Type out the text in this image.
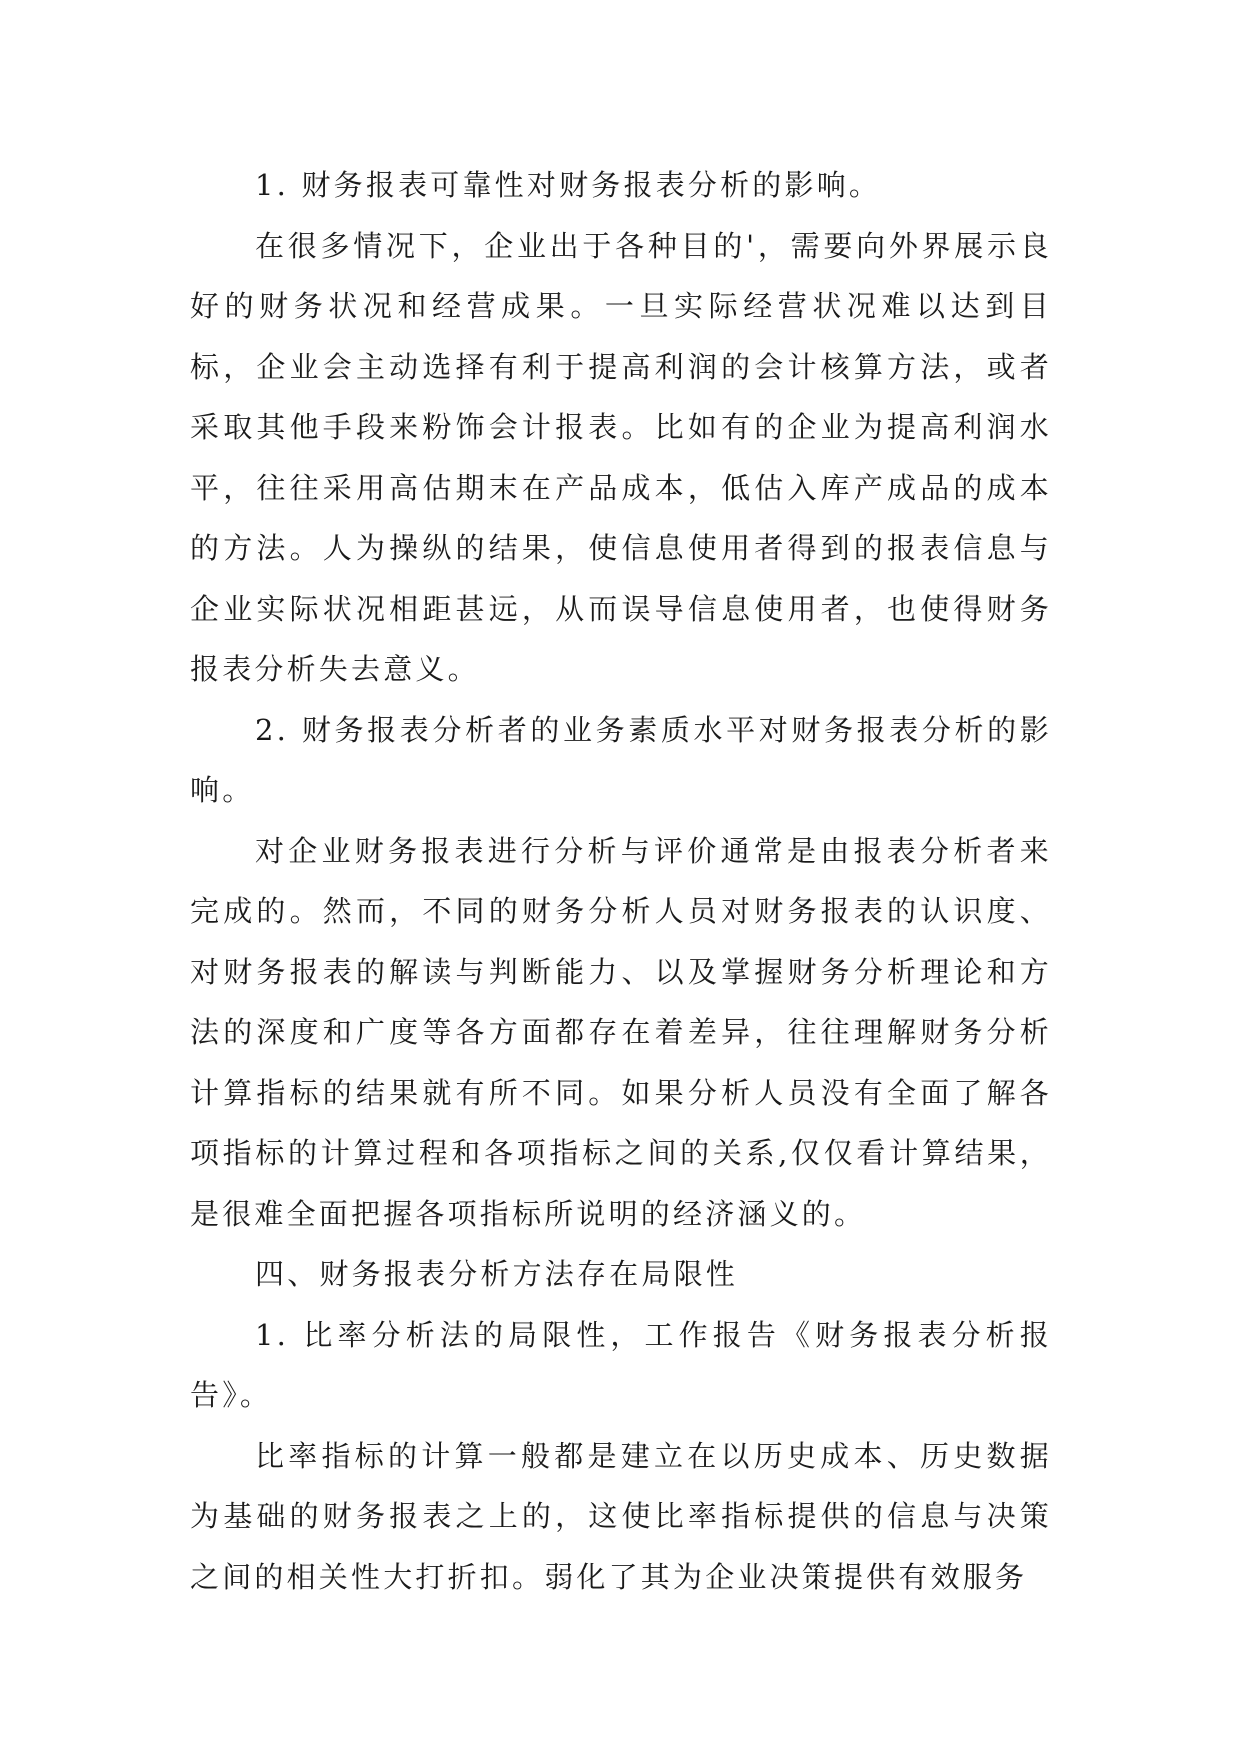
1. 财务报表可靠性对财务报表分析的影响。

在很多情况下，企业出于各种目的'，需要向外界展示良好的财务状况和经营成果。一旦实际经营状况难以达到目标，企业会主动选择有利于提高利润的会计核算方法，或者采取其他手段来粉饰会计报表。比如有的企业为提高利润水平，往往采用高估期末在产品成本，低估入库产成品的成本的方法。人为操纵的结果，使信息使用者得到的报表信息与企业实际状况相距甚远，从而误导信息使用者，也使得财务报表分析失去意义。

2. 财务报表分析者的业务素质水平对财务报表分析的影响。

对企业财务报表进行分析与评价通常是由报表分析者来完成的。然而，不同的财务分析人员对财务报表的认识度、对财务报表的解读与判断能力、以及掌握财务分析理论和方法的深度和广度等各方面都存在着差异，往往理解财务分析计算指标的结果就有所不同。如果分析人员没有全面了解各项指标的计算过程和各项指标之间的关系,仅仅看计算结果，是很难全面把握各项指标所说明的经济涵义的。

四、财务报表分析方法存在局限性

1. 比率分析法的局限性，工作报告《财务报表分析报告》。

比率指标的计算一般都是建立在以历史成本、历史数据为基础的财务报表之上的，这使比率指标提供的信息与决策之间的相关性大打折扣。弱化了其为企业决策提供有效服务
